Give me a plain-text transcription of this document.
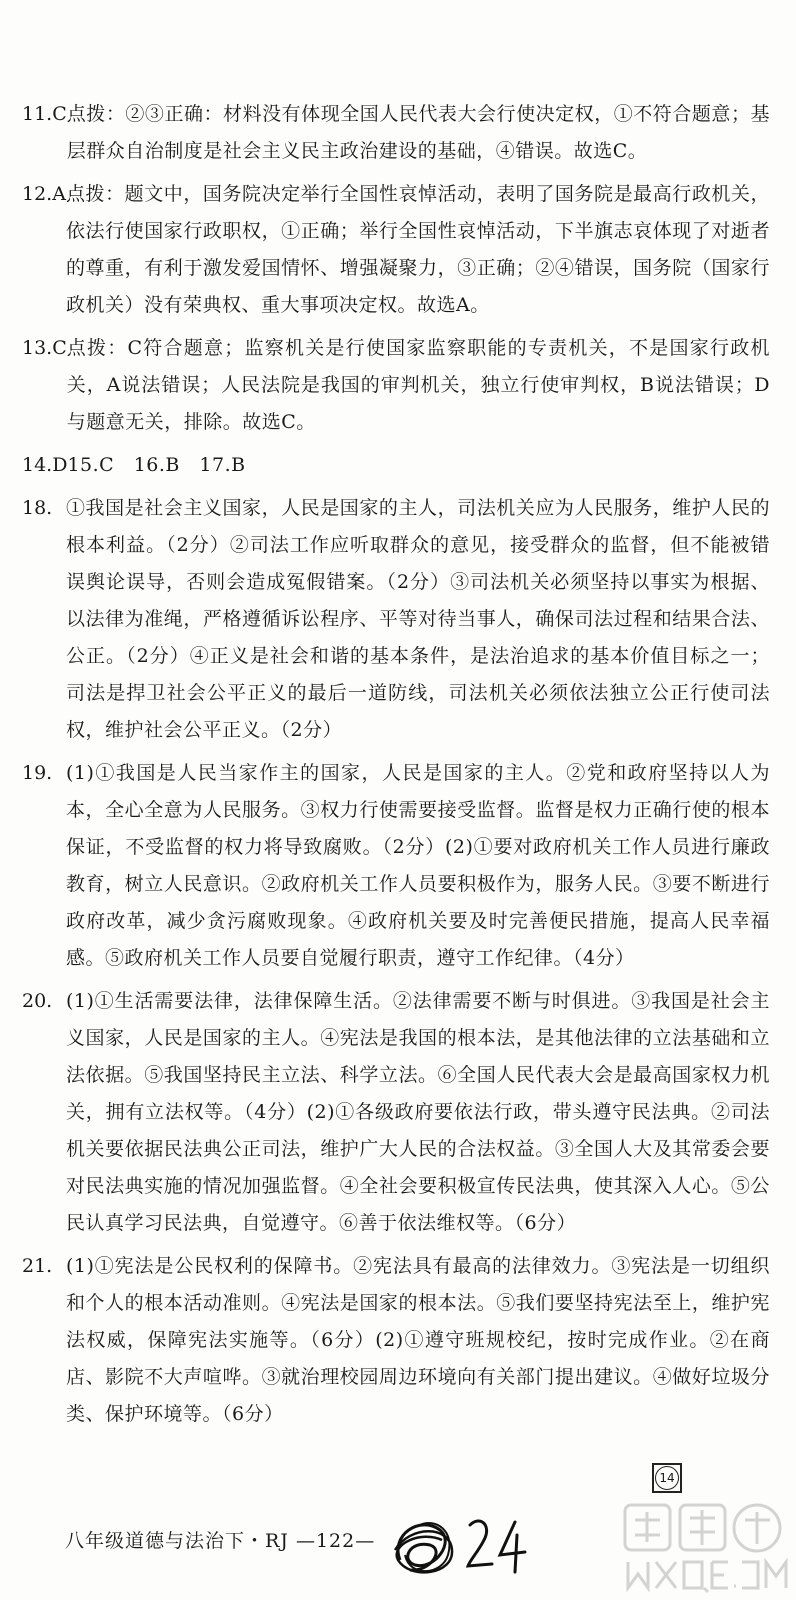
11.C 点拨：②③正确：材料没有体现全国人民代表大会行使决定权，①不符合题意；基层群众自治制度是社会主义民主政治建设的基础，④错误。故选C。

12.A 点拨：题文中，国务院决定举行全国性哀悼活动，表明了国务院是最高行政机关，依法行使国家行政职权，①正确；举行全国性哀悼活动，下半旗志哀体现了对逝者的尊重，有利于激发爱国情怀、增强凝聚力，③正确；②④错误，国务院（国家行政机关）没有荣典权、重大事项决定权。故选A。

13.C 点拨：C符合题意；监察机关是行使国家监察职能的专责机关，不是国家行政机关，A说法错误；人民法院是我国的审判机关，独立行使审判权，B说法错误；D与题意无关，排除。故选C。

14.D 15.C　16.B　17.B

18. ①我国是社会主义国家，人民是国家的主人，司法机关应为人民服务，维护人民的根本利益。（2分）②司法工作应听取群众的意见，接受群众的监督，但不能被错误舆论误导，否则会造成冤假错案。（2分）③司法机关必须坚持以事实为根据、以法律为准绳，严格遵循诉讼程序、平等对待当事人，确保司法过程和结果合法、公正。（2分）④正义是社会和谐的基本条件，是法治追求的基本价值目标之一；司法是捍卫社会公平正义的最后一道防线，司法机关必须依法独立公正行使司法权，维护社会公平正义。（2分）

19. (1)①我国是人民当家作主的国家，人民是国家的主人。②党和政府坚持以人为本，全心全意为人民服务。③权力行使需要接受监督。监督是权力正确行使的根本保证，不受监督的权力将导致腐败。（2分）(2)①要对政府机关工作人员进行廉政教育，树立人民意识。②政府机关工作人员要积极作为，服务人民。③要不断进行政府改革，减少贪污腐败现象。④政府机关要及时完善便民措施，提高人民幸福感。⑤政府机关工作人员要自觉履行职责，遵守工作纪律。（4分）

20. (1)①生活需要法律，法律保障生活。②法律需要不断与时俱进。③我国是社会主义国家，人民是国家的主人。④宪法是我国的根本法，是其他法律的立法基础和立法依据。⑤我国坚持民主立法、科学立法。⑥全国人民代表大会是最高国家权力机关，拥有立法权等。（4分）(2)①各级政府要依法行政，带头遵守民法典。②司法机关要依据民法典公正司法，维护广大人民的合法权益。③全国人大及其常委会要对民法典实施的情况加强监督。④全社会要积极宣传民法典，使其深入人心。⑤公民认真学习民法典，自觉遵守。⑥善于依法维权等。（6分）

21. (1)①宪法是公民权利的保障书。②宪法具有最高的法律效力。③宪法是一切组织和个人的根本活动准则。④宪法是国家的根本法。⑤我们要坚持宪法至上，维护宪法权威，保障宪法实施等。（6分）(2)①遵守班规校纪，按时完成作业。②在商店、影院不大声喧哗。③就治理校园周边环境向有关部门提出建议。④做好垃圾分类、保护环境等。（6分）

14
八年级道德与法治下・RJ —122—
